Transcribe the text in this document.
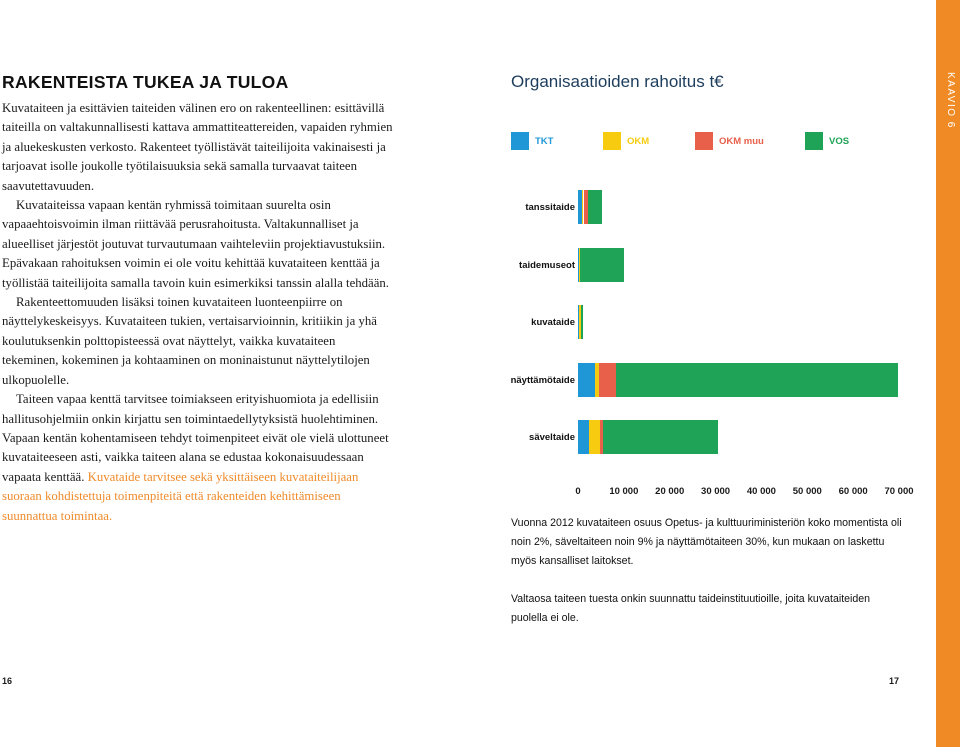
RAKENTEISTA TUKEA JA TULOA

Kuvataiteen ja esittävien taiteiden välinen ero on rakenteellinen: esittävillä taiteilla on valtakunnallisesti kattava ammattiteattereiden, vapaiden ryhmien ja aluekeskusten verkosto. Rakenteet työllistävät taiteilijoita vakinaisesti ja tarjoavat isolle joukolle työtilaisuuksia sekä samalla turvaavat taiteen saavutettavuuden.

Kuvataiteissa vapaan kentän ryhmissä toimitaan suurelta osin vapaaehtoisvoimin ilman riittävää perusrahoitusta. Valtakunnalliset ja alueelliset järjestöt joutuvat turvautumaan vaihteleviin projektiavustuksiin. Epävakaan rahoituksen voimin ei ole voitu kehittää kuvataiteen kenttää ja työllistää taiteilijoita samalla tavoin kuin esimerkiksi tanssin alalla tehdään.

Rakenteettomuuden lisäksi toinen kuvataiteen luonteenpiirre on näyttelykeskeisyys. Kuvataiteen tukien, vertaisarvioinnin, kritiikin ja yhä koulutuksenkin polttopisteessä ovat näyttelyt, vaikka kuvataiteen tekeminen, kokeminen ja kohtaaminen on moninaistunut näyttelytilojen ulkopuolelle.

Taiteen vapaa kenttä tarvitsee toimiakseen erityishuomiota ja edellisiin hallitusohjelmiin onkin kirjattu sen toimintaedellytyksistä huolehtiminen. Vapaan kentän kohentamiseen tehdyt toimenpiteet eivät ole vielä ulottuneet kuvataiteeseen asti, vaikka taiteen alana se edustaa kokonaisuudessaan vapaata kenttää. Kuvataide tarvitsee sekä yksittäiseen kuvataiteilijaan suoraan kohdistettuja toimenpiteitä että rakenteiden kehittämiseen suunnattua toimintaa.

Organisaatioiden rahoitus t€
TKT	OKM	OKM muu	VOS
tanssitaide
taidemuseot
kuvataide
näyttämötaide
säveltaide
0	10 000 20 000 30 000 40 000 50 000 60 000 70 000
Vuonna 2012 kuvataiteen osuus Opetus- ja kulttuuriministeriön koko momentista oli noin 2%, säveltaiteen noin 9% ja näyttämötaiteen 30%, kun mukaan on laskettu myös kansalliset laitokset.
Valtaosa taiteen tuesta onkin suunnattu taideinstituutioille, joita kuvataiteiden puolella ei ole.
KAAVIO 6
16	17
